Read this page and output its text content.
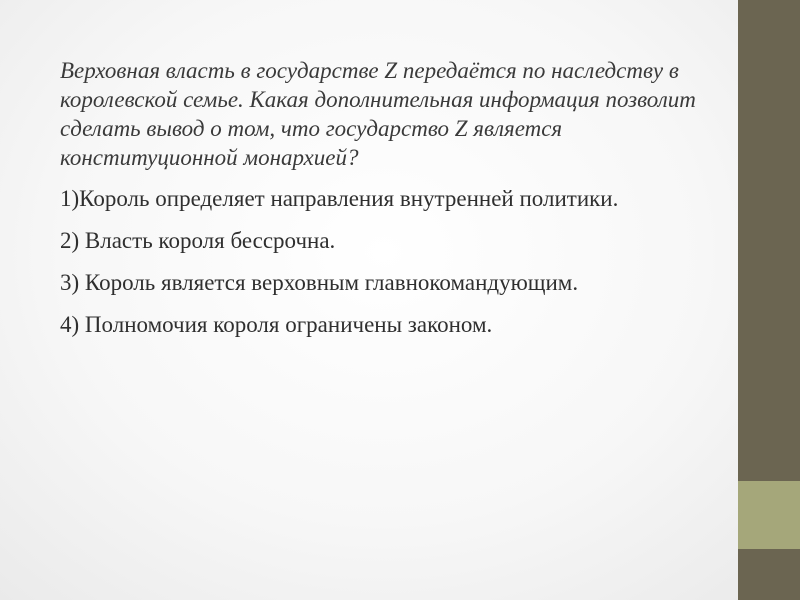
Верховная власть в государстве Z передаётся по наследству в королевской семье. Какая дополнительная информация позволит сделать вывод о том, что государство Z является конституционной монархией?

1)Король определяет направления внутренней политики.
2) Власть короля бессрочна.
3) Король является верховным главнокомандующим.
4) Полномочия короля ограничены законом.
